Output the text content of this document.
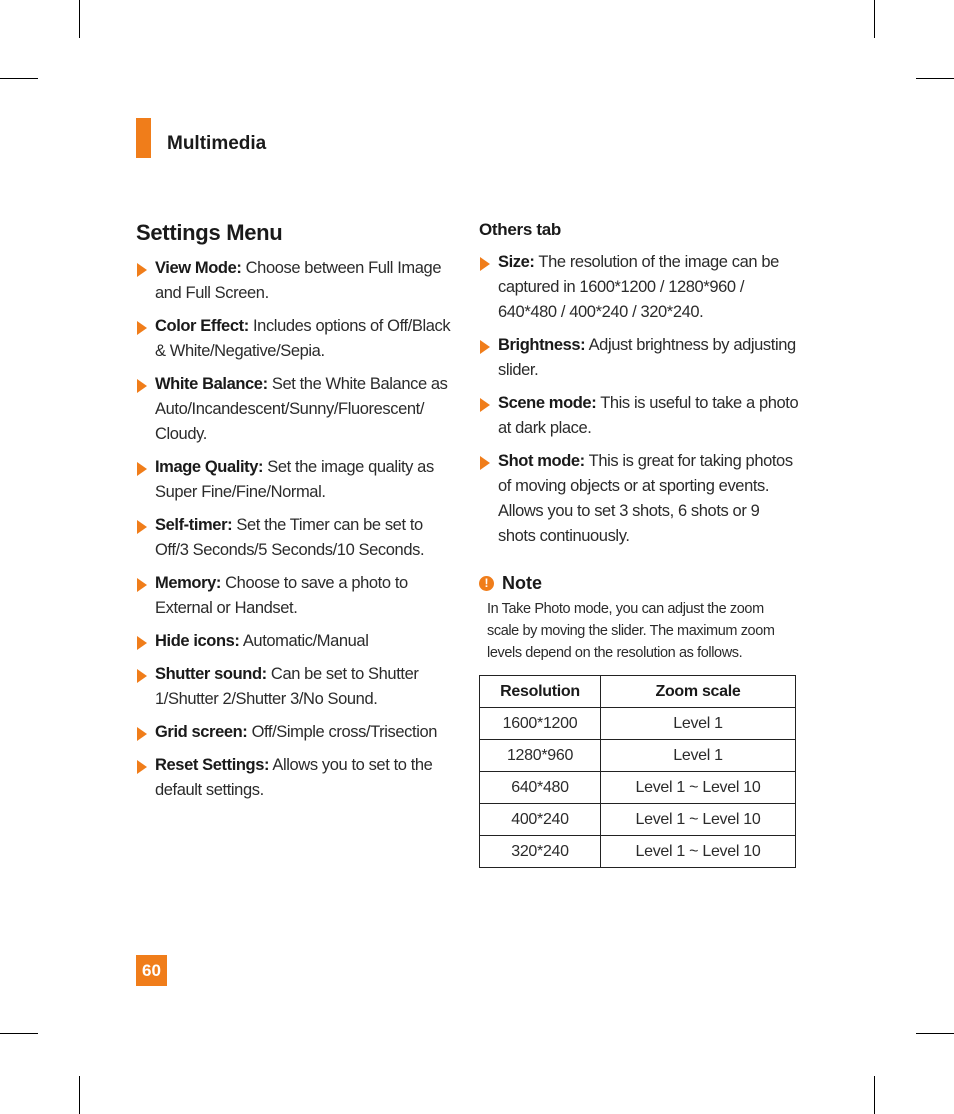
Multimedia
Settings Menu
View Mode: Choose between Full Image and Full Screen.
Color Effect: Includes options of Off/Black & White/Negative/Sepia.
White Balance: Set the White Balance as Auto/Incandescent/Sunny/Fluorescent/ Cloudy.
Image Quality: Set the image quality as Super Fine/Fine/Normal.
Self-timer: Set the Timer can be set to Off/3 Seconds/5 Seconds/10 Seconds.
Memory: Choose to save a photo to External or Handset.
Hide icons: Automatic/Manual
Shutter sound: Can be set to Shutter 1/Shutter 2/Shutter 3/No Sound.
Grid screen: Off/Simple cross/Trisection
Reset Settings: Allows you to set to the default settings.
Others tab
Size: The resolution of the image can be captured in 1600*1200 / 1280*960 / 640*480 / 400*240 / 320*240.
Brightness: Adjust brightness by adjusting slider.
Scene mode: This is useful to take a photo at dark place.
Shot mode: This is great for taking photos of moving objects or at sporting events. Allows you to set 3 shots, 6 shots or 9 shots continuously.
! Note
In Take Photo mode, you can adjust the zoom scale by moving the slider. The maximum zoom levels depend on the resolution as follows.
Resolution	Zoom scale
1600*1200	Level 1
1280*960	Level 1
640*480	Level 1 ~ Level 10
400*240	Level 1 ~ Level 10
320*240	Level 1 ~ Level 10
60
